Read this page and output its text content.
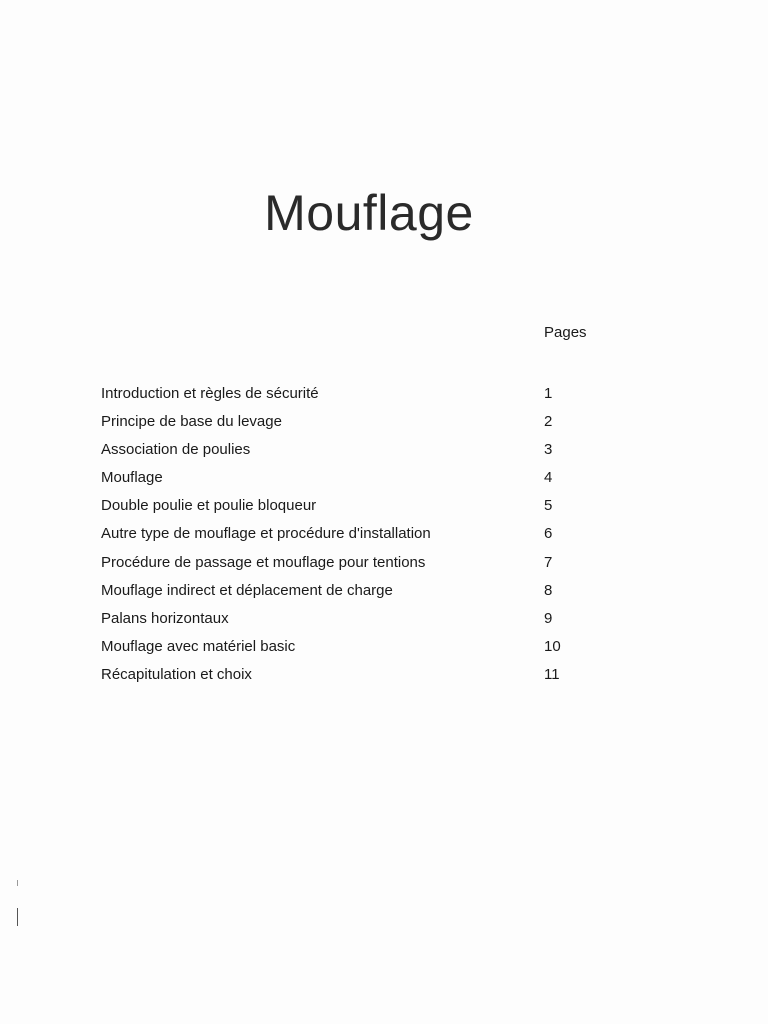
Mouflage
Pages
Introduction et règles de sécurité	1
Principe de base du levage	2
Association de poulies	3
Mouflage	4
Double poulie et poulie bloqueur	5
Autre type de mouflage et procédure d'installation	6
Procédure de passage et mouflage pour tentions	7
Mouflage indirect et déplacement de charge	8
Palans horizontaux	9
Mouflage avec matériel basic	10
Récapitulation et choix	11
